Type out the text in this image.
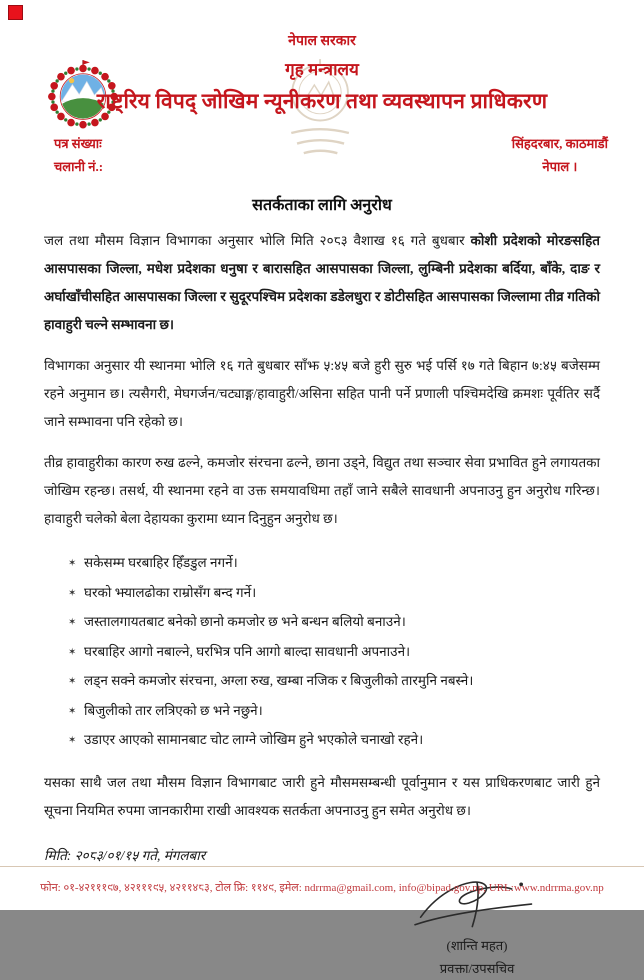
नेपाल सरकार
गृह मन्त्रालय
राष्ट्रिय विपद् जोखिम न्यूनीकरण तथा व्यवस्थापन प्राधिकरण
पत्र संख्याः
चलानी नं.:
सिंहदरबार, काठमाडौं
नेपाल ।
सतर्कताका लागि अनुरोध

जल तथा मौसम विज्ञान विभागका अनुसार भोलि मिति २०८३ वैशाख १६ गते बुधबार कोशी प्रदेशको मोरङसहित आसपासका जिल्ला, मधेश प्रदेशका धनुषा र बारासहित आसपासका जिल्ला, लुम्बिनी प्रदेशका बर्दिया, बाँके, दाङ र अर्घाखाँचीसहित आसपासका जिल्ला र सुदूरपश्चिम प्रदेशका डडेलधुरा र डोटीसहित आसपासका जिल्लामा तीव्र गतिको हावाहुरी चल्ने सम्भावना छ।

विभागका अनुसार यी स्थानमा भोलि १६ गते बुधबार साँझ ५:४५ बजे हुरी सुरु भई पर्सि १७ गते बिहान ७:४५ बजेसम्म रहने अनुमान छ। त्यसैगरी, मेघगर्जन/चट्याङ्ग/हावाहुरी/असिना सहित पानी पर्ने प्रणाली पश्चिमदेखि क्रमशः पूर्वतिर सर्दै जाने सम्भावना पनि रहेको छ।

तीव्र हावाहुरीका कारण रुख ढल्ने, कमजोर संरचना ढल्ने, छाना उड्ने, विद्युत तथा सञ्चार सेवा प्रभावित हुने लगायतका जोखिम रहन्छ। तसर्थ, यी स्थानमा रहने वा उक्त समयावधिमा तहाँ जाने सबैले सावधानी अपनाउनु हुन अनुरोध गरिन्छ। हावाहुरी चलेको बेला देहायका कुरामा ध्यान दिनुहुन अनुरोध छ।

✶ सकेसम्म घरबाहिर हिँडडुल नगर्ने।
✶ घरको झ्यालढोका राम्रोसँग बन्द गर्ने।
✶ जस्तालगायतबाट बनेको छानो कमजोर छ भने बन्धन बलियो बनाउने।
✶ घरबाहिर आगो नबाल्ने, घरभित्र पनि आगो बाल्दा सावधानी अपनाउने।
✶ लड्न सक्ने कमजोर संरचना, अग्ला रुख, खम्बा नजिक र बिजुलीको तारमुनि नबस्ने।
✶ बिजुलीको तार लत्रिएको छ भने नछुने।
✶ उडाएर आएको सामानबाट चोट लाग्ने जोखिम हुने भएकोले चनाखो रहने।

यसका साथै जल तथा मौसम विज्ञान विभागबाट जारी हुने मौसमसम्बन्धी पूर्वानुमान र यस प्राधिकरणबाट जारी हुने सूचना नियमित रुपमा जानकारीमा राखी आवश्यक सतर्कता अपनाउनु हुन समेत अनुरोध छ।

मिति: २०८३/०१/१५ गते, मंगलबार

(शान्ति महत)
प्रवक्ता/उपसचिव
फोन: ०१-४२१११९७, ४२१११९५, ४२११४८३, टोल फ्रि: ११४९, इमेल: ndrrma@gmail.com, info@bipad.gov.np, URL:www.ndrrma.gov.np
